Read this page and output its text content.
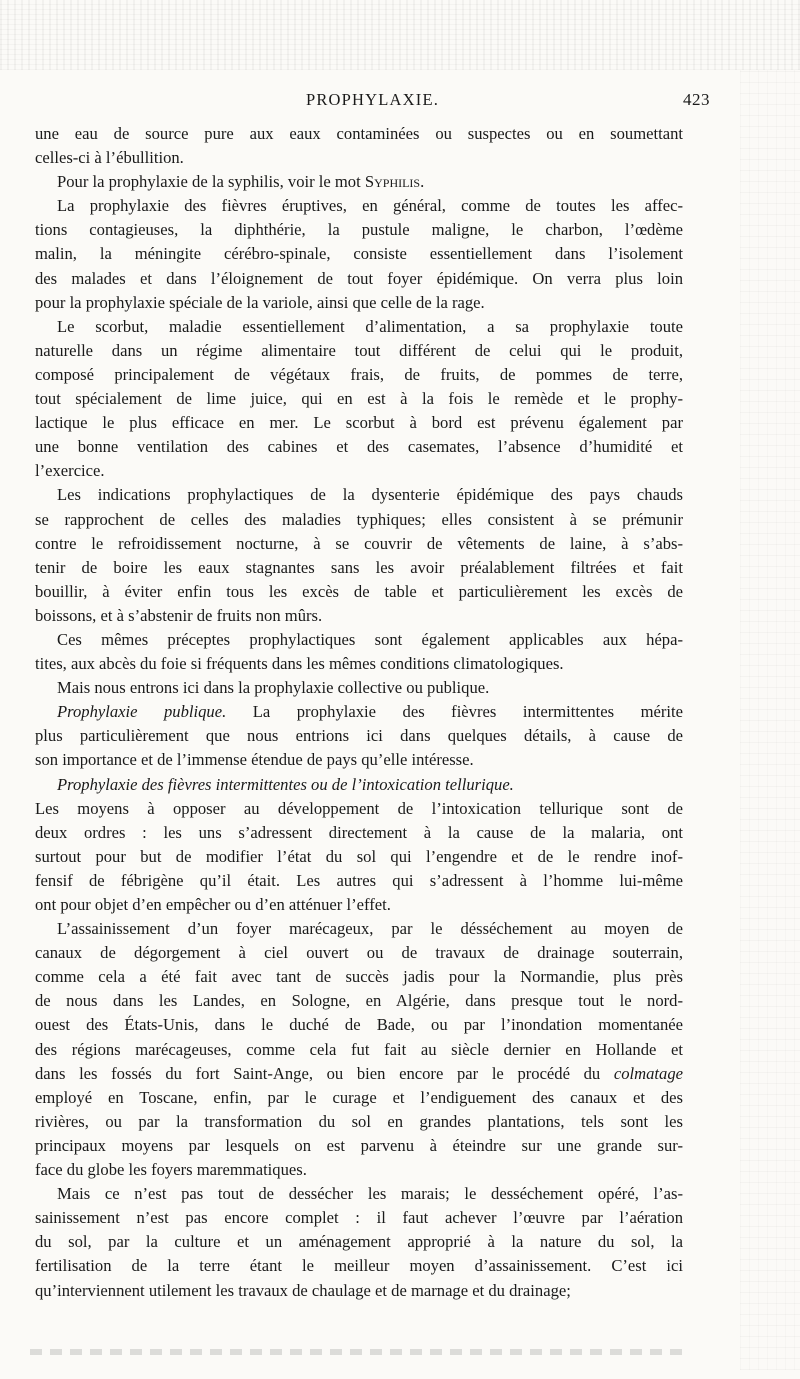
PROPHYLAXIE.	423
une eau de source pure aux eaux contaminées ou suspectes ou en soumettant
celles-ci à l’ébullition.
Pour la prophylaxie de la syphilis, voir le mot Syphilis.
La prophylaxie des fièvres éruptives, en général, comme de toutes les affec-
tions contagieuses, la diphthérie, la pustule maligne, le charbon, l’œdème
malin, la méningite cérébro-spinale, consiste essentiellement dans l’isolement
des malades et dans l’éloignement de tout foyer épidémique. On verra plus loin
pour la prophylaxie spéciale de la variole, ainsi que celle de la rage.
Le scorbut, maladie essentiellement d’alimentation, a sa prophylaxie toute
naturelle dans un régime alimentaire tout différent de celui qui le produit,
composé principalement de végétaux frais, de fruits, de pommes de terre,
tout spécialement de lime juice, qui en est à la fois le remède et le prophy-
lactique le plus efficace en mer. Le scorbut à bord est prévenu également par
une bonne ventilation des cabines et des casemates, l’absence d’humidité et
l’exercice.
Les indications prophylactiques de la dysenterie épidémique des pays chauds
se rapprochent de celles des maladies typhiques; elles consistent à se prémunir
contre le refroidissement nocturne, à se couvrir de vêtements de laine, à s’abs-
tenir de boire les eaux stagnantes sans les avoir préalablement filtrées et fait
bouillir, à éviter enfin tous les excès de table et particulièrement les excès de
boissons, et à s’abstenir de fruits non mûrs.
Ces mêmes préceptes prophylactiques sont également applicables aux hépa-
tites, aux abcès du foie si fréquents dans les mêmes conditions climatologiques.
Mais nous entrons ici dans la prophylaxie collective ou publique.
Prophylaxie publique. La prophylaxie des fièvres intermittentes mérite
plus particulièrement que nous entrions ici dans quelques détails, à cause de
son importance et de l’immense étendue de pays qu’elle intéresse.
Prophylaxie des fièvres intermittentes ou de l’intoxication tellurique.
Les moyens à opposer au développement de l’intoxication tellurique sont de
deux ordres : les uns s’adressent directement à la cause de la malaria, ont
surtout pour but de modifier l’état du sol qui l’engendre et de le rendre inof-
fensif de fébrigène qu’il était. Les autres qui s’adressent à l’homme lui-même
ont pour objet d’en empêcher ou d’en atténuer l’effet.
L’assainissement d’un foyer marécageux, par le désséchement au moyen de
canaux de dégorgement à ciel ouvert ou de travaux de drainage souterrain,
comme cela a été fait avec tant de succès jadis pour la Normandie, plus près
de nous dans les Landes, en Sologne, en Algérie, dans presque tout le nord-
ouest des États-Unis, dans le duché de Bade, ou par l’inondation momentanée
des régions marécageuses, comme cela fut fait au siècle dernier en Hollande et
dans les fossés du fort Saint-Ange, ou bien encore par le procédé du colmatage
employé en Toscane, enfin, par le curage et l’endiguement des canaux et des
rivières, ou par la transformation du sol en grandes plantations, tels sont les
principaux moyens par lesquels on est parvenu à éteindre sur une grande sur-
face du globe les foyers maremmatiques.
Mais ce n’est pas tout de dessécher les marais; le desséchement opéré, l’as-
sainissement n’est pas encore complet : il faut achever l’œuvre par l’aération
du sol, par la culture et un aménagement approprié à la nature du sol, la
fertilisation de la terre étant le meilleur moyen d’assainissement. C’est ici
qu’interviennent utilement les travaux de chaulage et de marnage et du drainage;
